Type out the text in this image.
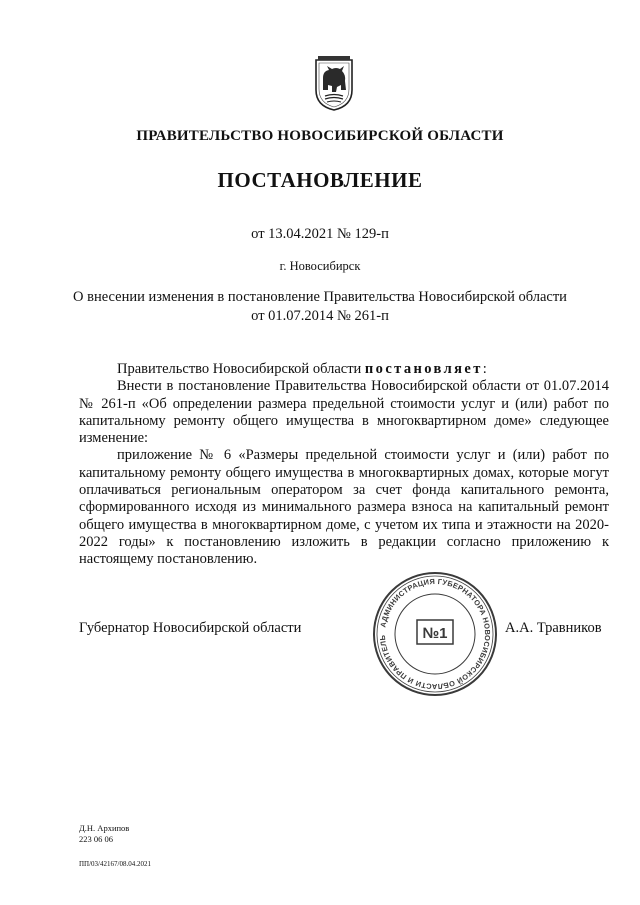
ПРАВИТЕЛЬСТВО НОВОСИБИРСКОЙ ОБЛАСТИ
ПОСТАНОВЛЕНИЕ
от 13.04.2021 № 129-п
г. Новосибирск
О внесении изменения в постановление Правительства Новосибирской области
от 01.07.2014 № 261-п

Правительство Новосибирской области постановляет:

Внести в постановление Правительства Новосибирской области от 01.07.2014 № 261-п «Об определении размера предельной стоимости услуг и (или) работ по капитальному ремонту общего имущества в многоквартирном доме» следующее изменение:

приложение № 6 «Размеры предельной стоимости услуг и (или) работ по капитальному ремонту общего имущества в многоквартирных домах, которые могут оплачиваться региональным оператором за счет фонда капитального ремонта, сформированного исходя из минимального размера взноса на капитальный ремонт общего имущества в многоквартирном доме, с учетом их типа и этажности на 2020-2022 годы» к постановлению изложить в редакции согласно приложению к настоящему постановлению.

АДМИНИСТРАЦИЯ ГУБЕРНАТОРА НОВОСИБИРСКОЙ ОБЛАСТИ И ПРАВИТЕЛЬ	№1
Губернатор Новосибирской области	А.А. Травников
Д.Н. Архипов
223 06 06
ПП/03/42167/08.04.2021
